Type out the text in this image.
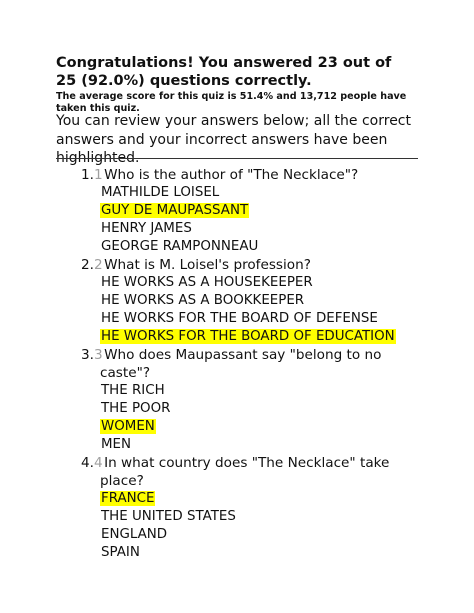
Congratulations! You answered 23 out of 25 (92.0%) questions correctly.
The average score for this quiz is 51.4% and 13,712 people have taken this quiz.
You can review your answers below; all the correct answers and your incorrect answers have been highlighted.
1.1
    Who is the author of "The Necklace"?
MATHILDE LOISEL
GUY DE MAUPASSANT
HENRY JAMES
GEORGE RAMPONNEAU
2.2
    What is M. Loisel's profession?
HE WORKS AS A HOUSEKEEPER
HE WORKS AS A BOOKKEEPER
HE WORKS FOR THE BOARD OF DEFENSE
HE WORKS FOR THE BOARD OF EDUCATION
3.3
    Who does Maupassant say "belong to no caste"?
THE RICH
THE POOR
WOMEN
MEN
4.4
    In what country does "The Necklace" take place?
FRANCE
THE UNITED STATES
ENGLAND
SPAIN
